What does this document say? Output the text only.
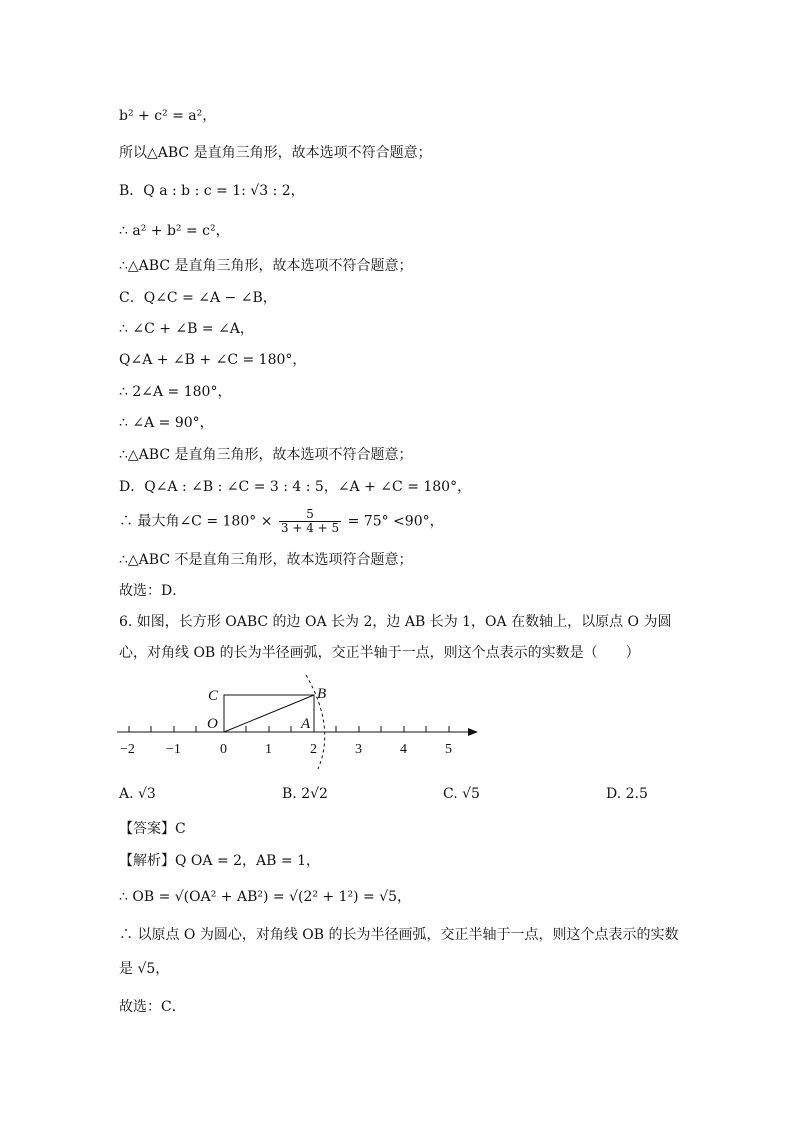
b² + c² = a²，
所以△ABC 是直角三角形，故本选项不符合题意；
B．Q a : b : c = 1: √3 : 2，
∴ a² + b² = c²，
∴△ABC 是直角三角形，故本选项不符合题意；
C．Q∠C = ∠A − ∠B，
∴ ∠C + ∠B = ∠A，
Q∠A + ∠B + ∠C = 180°，
∴ 2∠A = 180°，
∴ ∠A = 90°，
∴△ABC 是直角三角形，故本选项不符合题意；
D．Q∠A : ∠B : ∠C = 3 : 4 : 5，∠A + ∠C = 180°，
∴ 最大角∠C = $180^\circ \times \frac{5}{3 + 4 + 5} = 75^\circ <90^\circ$，
∴△ABC 不是直角三角形，故本选项符合题意；
故选：D．
6. 如图，长方形 OABC 的边 OA 长为 2，边 AB 长为 1，OA 在数轴上，以原点 O 为圆
心，对角线 OB 的长为半径画弧，交正半轴于一点，则这个点表示的实数是（　　）
−2 −1	0	1	2	3	4	5
C	B
O	A
A. √3	B. 2√2	C. √5	D. 2.5
【答案】C
【解析】Q OA = 2，AB = 1，
∴ OB = √(OA² + AB²) = √(2² + 1²) = √5，
∴ 以原点 O 为圆心，对角线 OB 的长为半径画弧，交正半轴于一点，则这个点表示的实数
是 √5，
故选：C．
